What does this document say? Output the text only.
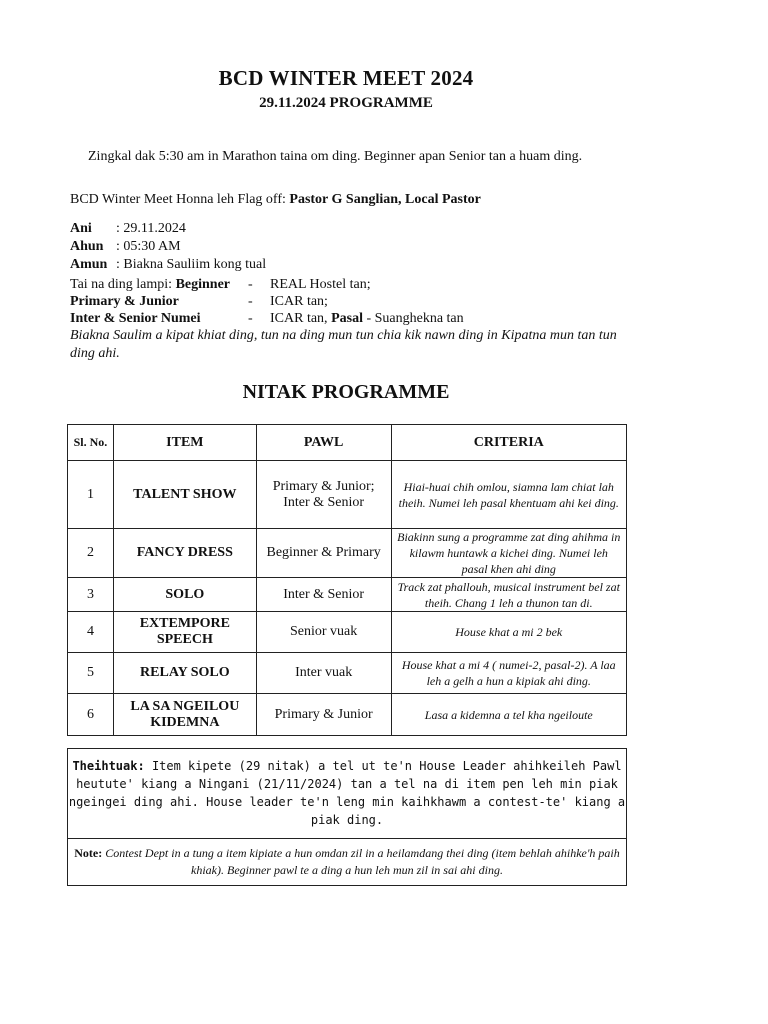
BCD WINTER MEET 2024
29.11.2024 PROGRAMME
Zingkal dak 5:30 am in Marathon taina om ding. Beginner apan Senior tan a huam ding.
BCD Winter Meet Honna leh Flag off: Pastor G Sanglian, Local Pastor
Ani : 29.11.2024
Ahun : 05:30 AM
Amun : Biakna Sauliim kong tual
Tai na ding lampi: Beginner - REAL Hostel tan;
Primary & Junior	- ICAR tan;
Inter & Senior Numei	- ICAR tan, Pasal - Suanghekna tan
Biakna Saulim a kipat khiat ding, tun na ding mun tun chia kik nawn ding in Kipatna mun tan tun ding ahi.
NITAK PROGRAMME
Sl. No.	ITEM	PAWL	CRITERIA
1	TALENT SHOW	Primary & Junior; Inter & Senior	Hiai-huai chih omlou, siamna lam chiat lah theih. Numei leh pasal khentuam ahi kei ding.
2	FANCY DRESS	Beginner & Primary	Biakinn sung a programme zat ding ahihma in kilawm huntawk a kichei ding. Numei leh pasal khen ahi ding
3	SOLO	Inter & Senior	Track zat phallouh, musical instrument bel zat theih. Chang 1 leh a thunon tan di.
4	EXTEMPORE SPEECH	Senior vuak	House khat a mi 2 bek
5	RELAY SOLO	Inter vuak	House khat a mi 4 ( numei-2, pasal-2). A laa leh a gelh a hun a kipiak ahi ding.
6	LA SA NGEILOU KIDEMNA	Primary & Junior	Lasa a kidemna a tel kha ngeiloute
Theihtuak: Item kipete (29 nitak) a tel ut te'n House Leader ahihkeileh Pawl heutute' kiang a Ningani (21/11/2024) tan a tel na di item pen leh min piak ngeingei ding ahi. House leader te'n leng min kaihkhawm a contest-te' kiang a piak ding.
Note: Contest Dept in a tung a item kipiate a hun omdan zil in a heilamdang thei ding (item behlah ahihke'h paih khiak). Beginner pawl te a ding a hun leh mun zil in sai ahi ding.
